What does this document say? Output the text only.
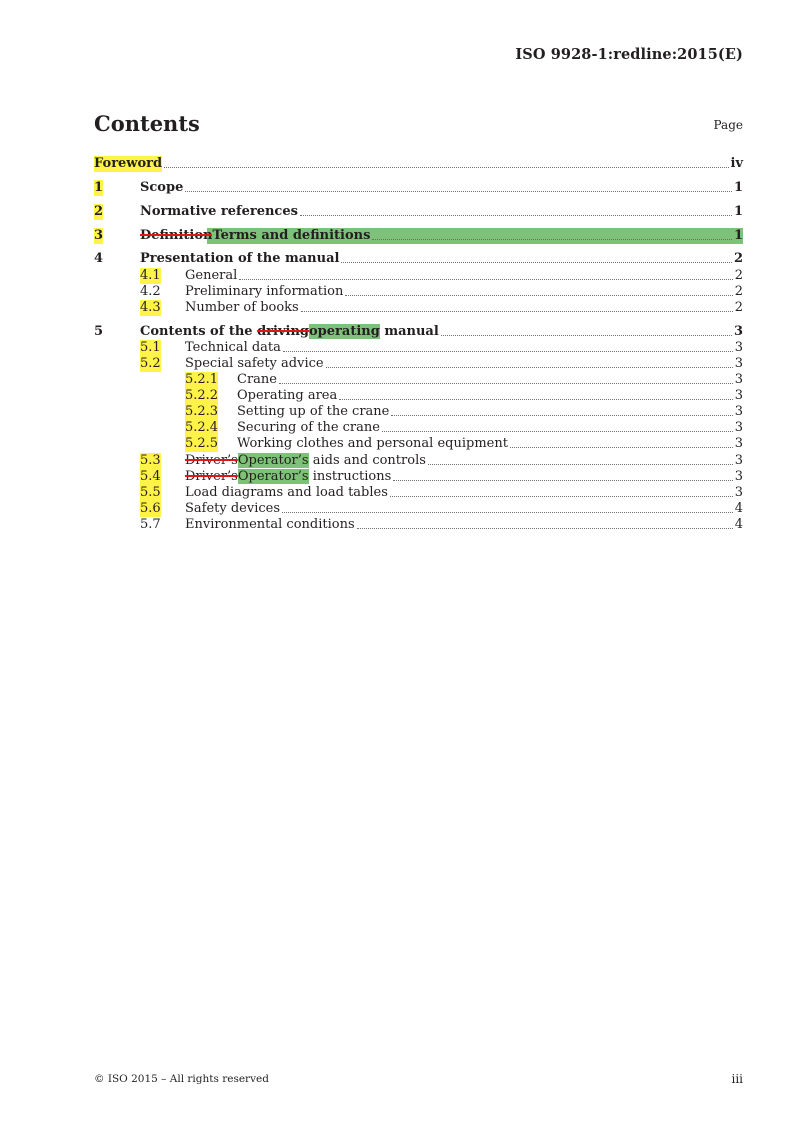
ISO 9928-1:redline:2015(E)
Contents	Page
Foreword	iv
1	Scope	1
2	Normative references	1
3	DefinitionTerms and definitions	1
4	Presentation of the manual	2
4.1 General	2
4.2 Preliminary information	2
4.3 Number of books	2
5	Contents of the drivingoperating manual	3
5.1 Technical data	3
5.2 Special safety advice	3
5.2.1 Crane	3
5.2.2 Operating area	3
5.2.3 Setting up of the crane	3
5.2.4 Securing of the crane	3
5.2.5 Working clothes and personal equipment	3
5.3 Driver’sOperator’s aids and controls	3
5.4 Driver’sOperator’s instructions	3
5.5 Load diagrams and load tables	3
5.6 Safety devices	4
5.7 Environmental conditions	4
© ISO 2015 – All rights reserved	iii
